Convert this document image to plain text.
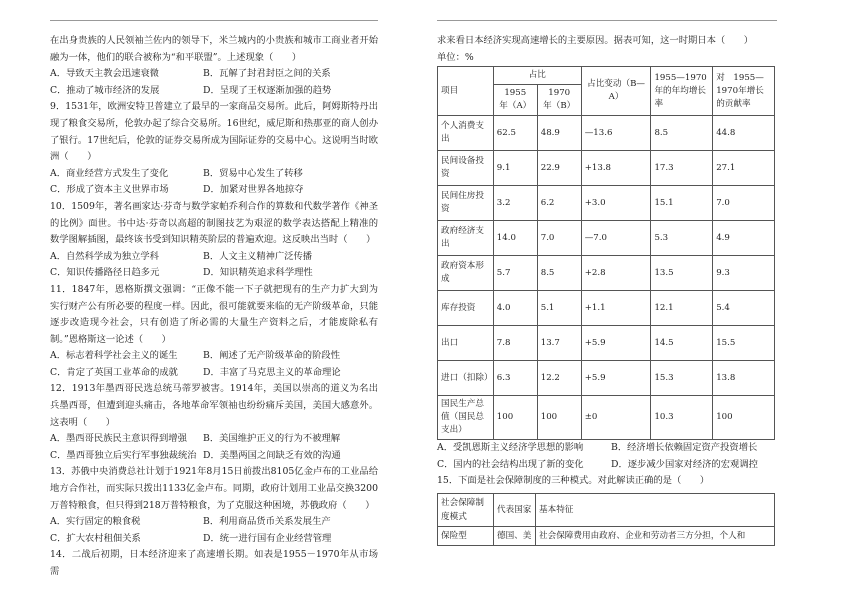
在出身贵族的人民领袖兰佐内的领导下，米兰城内的小贵族和城市工商业者开始融为一体，他们的联合被称为“和平联盟”。上述现象（　　）

A．导致天主教会迅速衰微	B．瓦解了封君封臣之间的关系
C．推动了城市经济的发展	D．呈现了王权逐渐加强的趋势

9．1531年，欧洲安特卫普建立了最早的一家商品交易所。此后，阿姆斯特丹出现了粮食交易所，伦敦办起了综合交易所。16世纪，威尼斯和热那亚的商人创办了银行。17世纪后，伦敦的证券交易所成为国际证券的交易中心。这说明当时欧洲（　　）

A．商业经营方式发生了变化	B．贸易中心发生了转移
C．形成了资本主义世界市场	D．加紧对世界各地掠夺

10．1509年，著名画家达·芬奇与数学家帕乔利合作的算数和代数学著作《神圣的比例》面世。书中达·芬奇以高超的制图技艺为艰涩的数学表达搭配上精准的数学图解插图，最终该书受到知识精英阶层的普遍欢迎。这反映出当时（　　）

A．自然科学成为独立学科	B．人文主义精神广泛传播
C．知识传播路径日趋多元	D．知识精英追求科学理性

11．1847年，恩格斯撰文强调：“正像不能一下子就把现有的生产力扩大到为实行财产公有所必要的程度一样。因此，很可能就要来临的无产阶级革命，只能逐步改造现今社会，只有创造了所必需的大量生产资料之后，才能废除私有制。”恩格斯这一论述（　　）

A．标志着科学社会主义的诞生	B．阐述了无产阶级革命的阶段性
C．肯定了英国工业革命的成就	D．丰富了马克思主义的革命理论

12．1913年墨西哥民选总统马蒂罗被害。1914年，美国以崇高的道义为名出兵墨西哥，但遭到迎头痛击，各地革命军领袖也纷纷痛斥美国，美国大感意外。这表明（　　）

A．墨西哥民族民主意识得到增强	B．美国维护正义的行为不被理解
C．墨西哥独立后实行军事独裁统治 D．美墨两国之间缺乏有效的沟通

13．苏俄中央消费总社计划于1921年8月15日前拨出8105亿金卢布的工业品给地方合作社，而实际只拨出1133亿金卢布。同期，政府计划用工业品交换3200万普特粮食，但只得到218万普特粮食，为了克服这种困境，苏俄政府（　　）

A．实行固定的粮食税	B．利用商品货币关系发展生产
C．扩大农村租佃关系	D．统一进行国有企业经营管理

14．二战后初期，日本经济迎来了高速增长期。如表是1955－1970年从市场需

求来看日本经济实现高速增长的主要原因。据表可知，这一时期日本（　　）

单位：%

项目	占比		占比变动（B—A）	1955—1970年的年均增长率	对　1955—1970年增长的贡献率
	1955　年（A）	1970　年（B）			
个人消费支出	62.5	48.9	—13.6	8.5	44.8
民间设备投资	9.1	22.9	+13.8	17.3	27.1
民间住房投资	3.2	6.2	+3.0	15.1	7.0
政府经济支出	14.0	7.0	—7.0	5.3	4.9
政府资本形成	5.7	8.5	+2.8	13.5	9.3
库存投资	4.0	5.1	+1.1	12.1	5.4
出口	7.8	13.7	+5.9	14.5	15.5
进口（扣除）	6.3	12.2	+5.9	15.3	13.8
国民生产总值（国民总支出）	100	100	±0	10.3	100
A．受凯恩斯主义经济学思想的影响	B．经济增长依赖固定资产投资增长
C．国内的社会结构出现了新的变化	D．逐步减少国家对经济的宏观调控

15．下面是社会保障制度的三种模式。对此解读正确的是（　　）

社会保障制度模式	代表国家	基本特征
保险型	德国、美	社会保障费用由政府、企业和劳动者三方分担，个人和
